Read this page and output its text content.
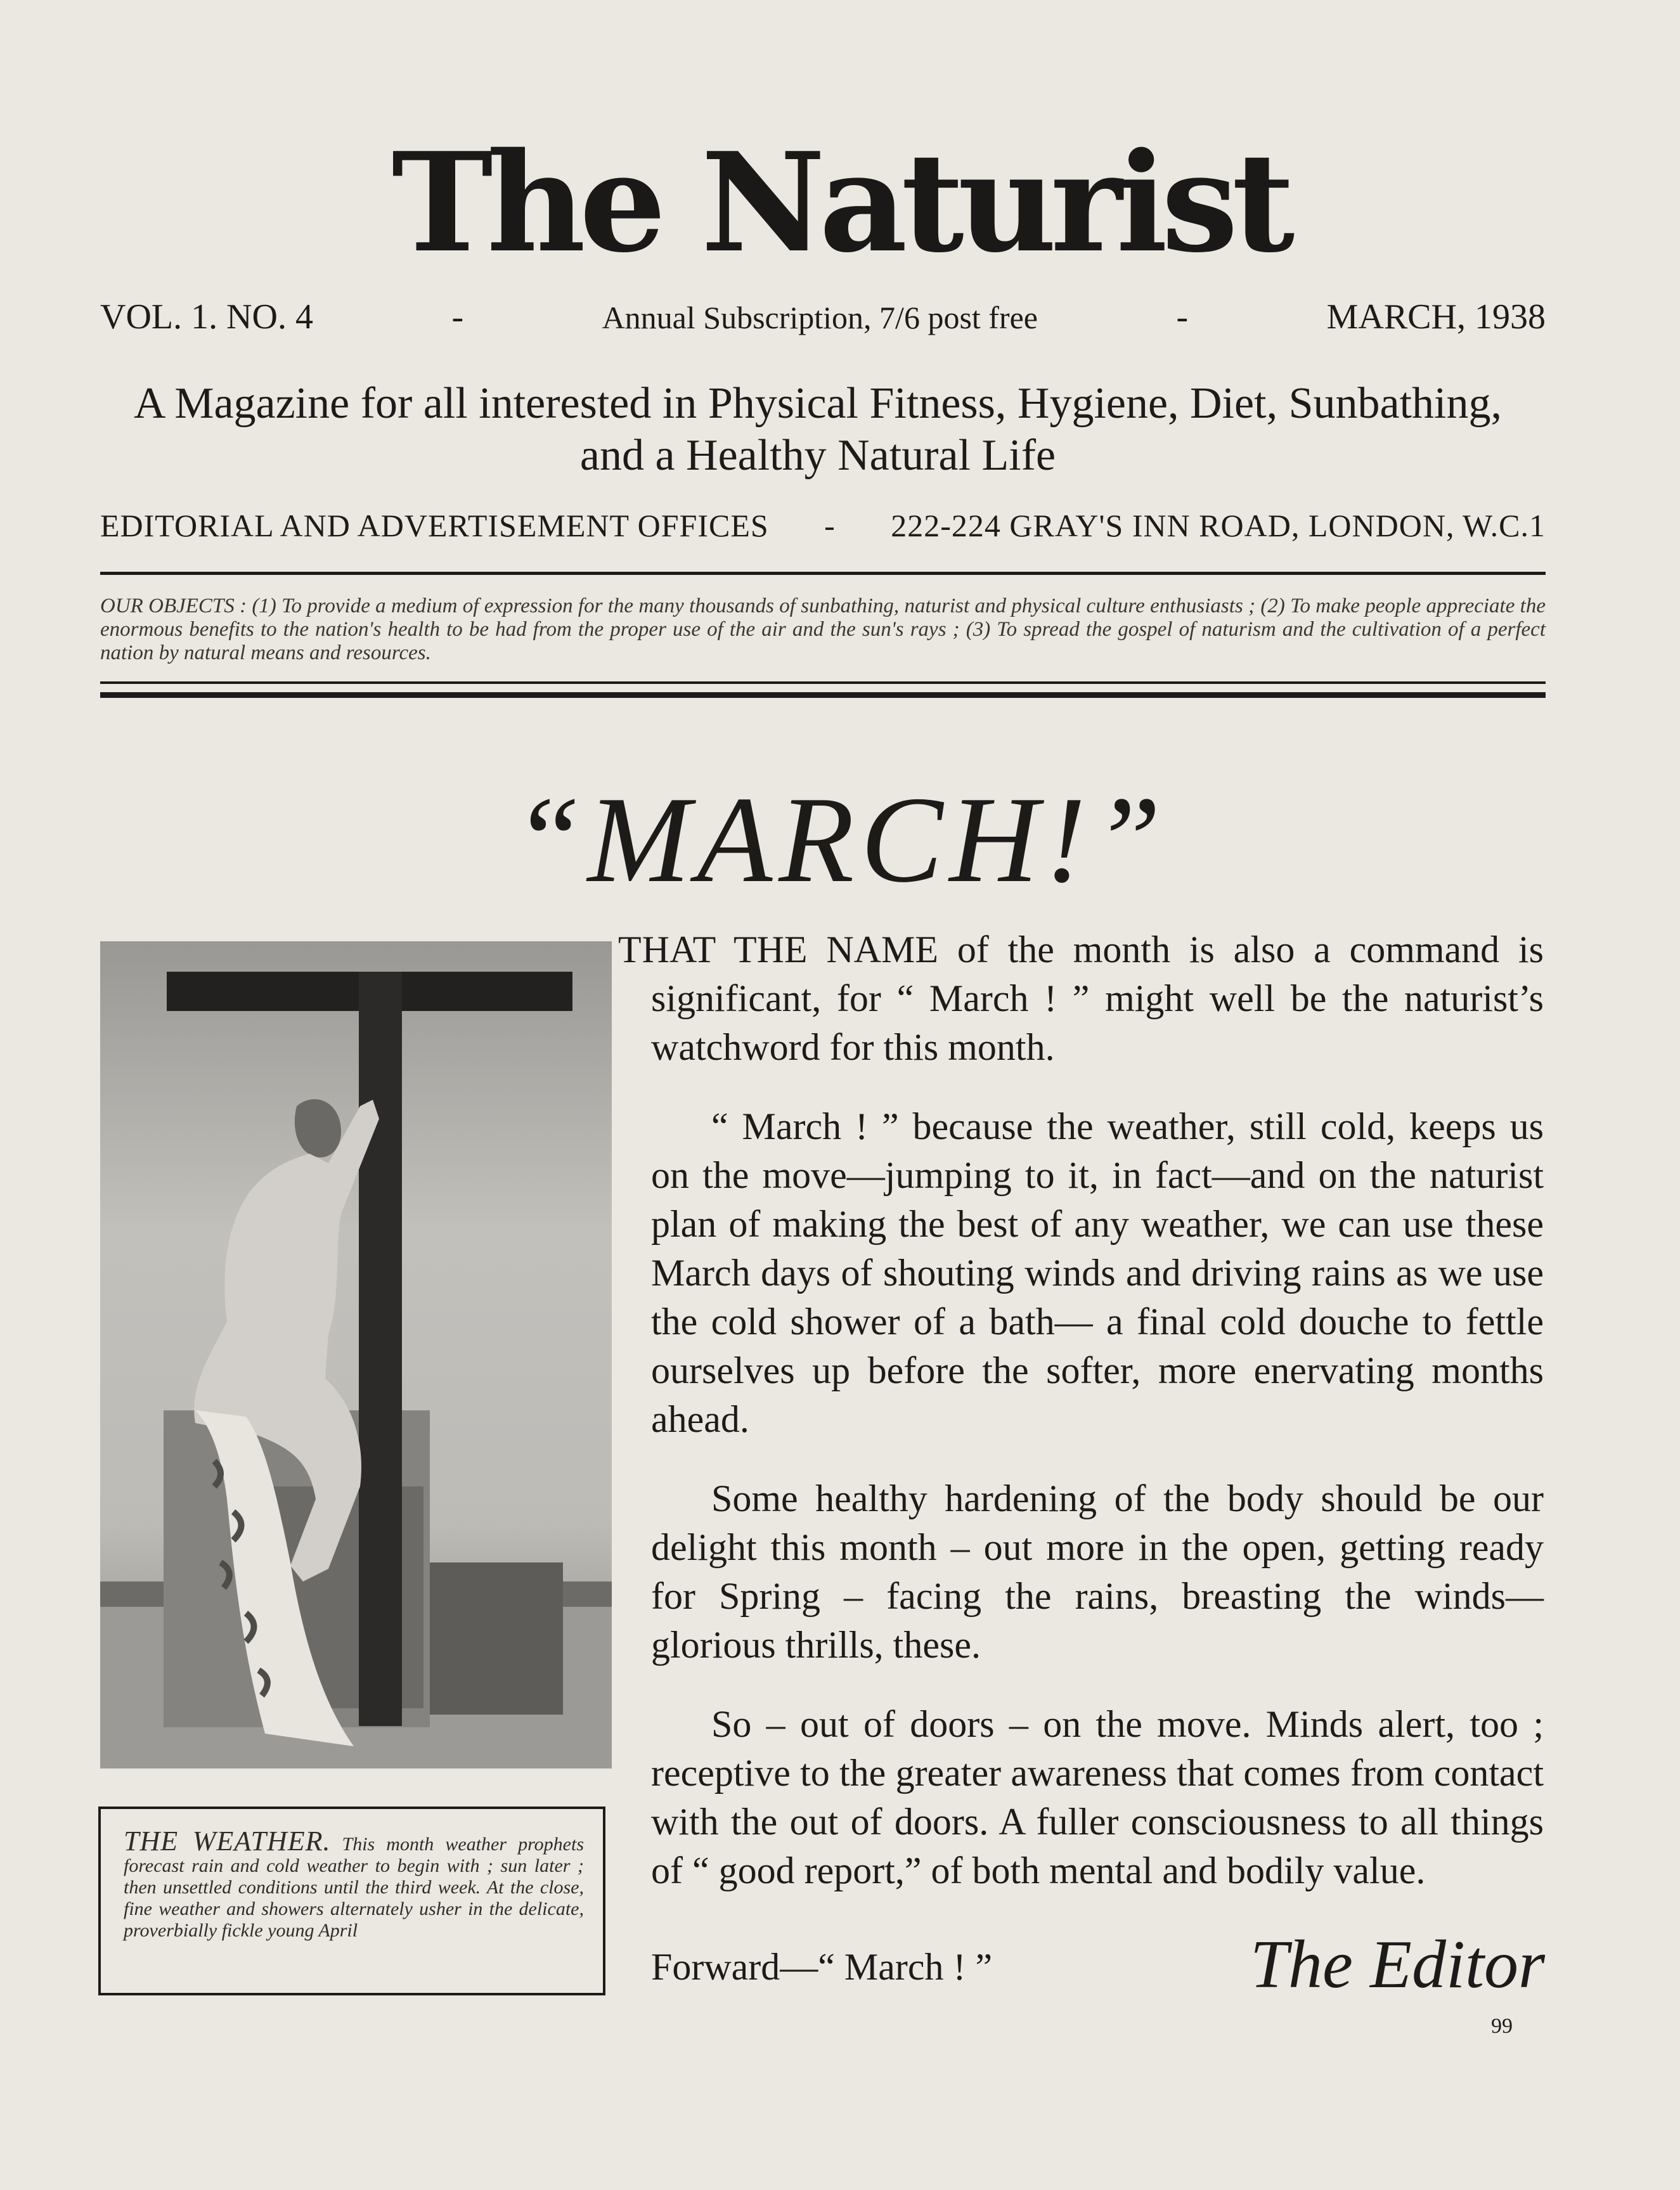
The Naturist
VOL. 1. NO. 4	-	Annual Subscription, 7/6 post free	-	MARCH, 1938
A Magazine for all interested in Physical Fitness, Hygiene, Diet, Sunbathing,
and a Healthy Natural Life
EDITORIAL AND ADVERTISEMENT OFFICES - 222-224 GRAY'S INN ROAD, LONDON, W.C.1
OUR OBJECTS : (1) To provide a medium of expression for the many thousands of sunbathing, naturist and physical culture enthusiasts ; (2) To make people appreciate the enormous benefits to the nation's health to be had from the proper use of the air and the sun's rays ; (3) To spread the gospel of naturism and the cultivation of a perfect nation by natural means and resources.
“MARCH!”
THE WEATHER. This month weather prophets forecast rain and cold weather to begin with ; sun later ; then unsettled conditions until the third week. At the close, fine weather and showers alternately usher in the delicate, proverbially fickle young April

THAT THE NAME of the month is also a command is significant, for “ March ! ” might well be the naturist’s watchword for this month.

“ March ! ” because the weather, still cold, keeps us on the move—jumping to it, in fact—and on the naturist plan of making the best of any weather, we can use these March days of shouting winds and driving rains as we use the cold shower of a bath— a final cold douche to fettle ourselves up before the softer, more enervating months ahead.

Some healthy hardening of the body should be our delight this month – out more in the open, getting ready for Spring – facing the rains, breasting the winds—glorious thrills, these.

So – out of doors – on the move. Minds alert, too ; receptive to the greater awareness that comes from contact with the out of doors. A fuller consciousness to all things of “ good report,” of both mental and bodily value.

Forward—“ March ! ”	The Editor
99
